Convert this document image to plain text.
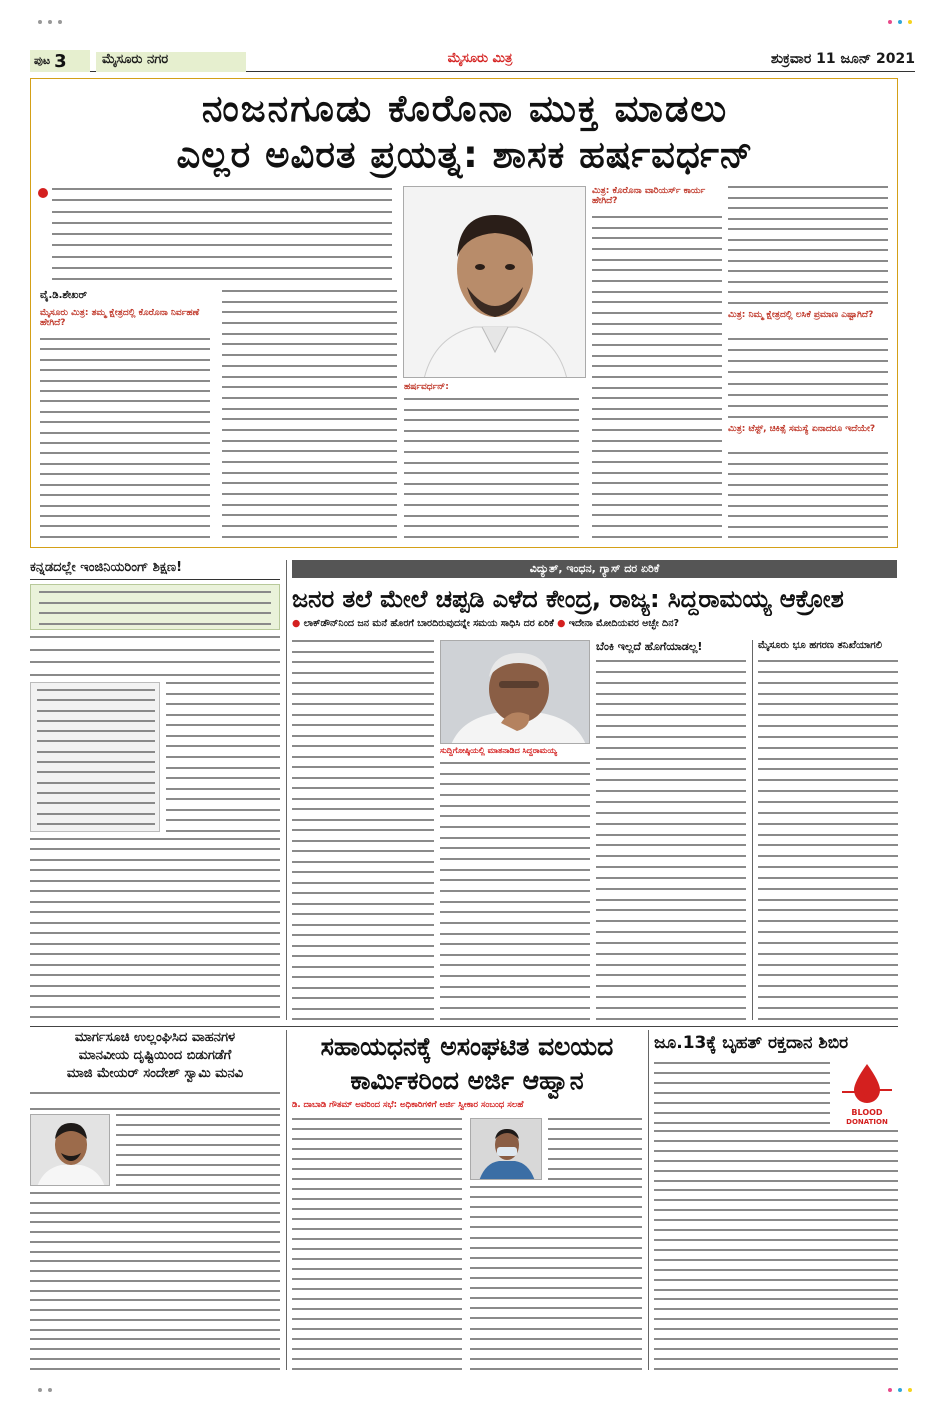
ಪುಟ 3	ಮೈಸೂರು ನಗರ	ಮೈಸೂರು ಮಿತ್ರ	ಶುಕ್ರವಾರ 11 ಜೂನ್ 2021
ನಂಜನಗೂಡು ಕೊರೊನಾ ಮುಕ್ತ ಮಾಡಲು
ಎಲ್ಲರ ಅವಿರತ ಪ್ರಯತ್ನ: ಶಾಸಕ ಹರ್ಷವರ್ಧನ್
ವೈ.ಡಿ.ಶೇಖರ್
ಮೈಸೂರು ಮಿತ್ರ: ತಮ್ಮ ಕ್ಷೇತ್ರದಲ್ಲಿ ಕೊರೊನಾ ನಿರ್ವಹಣೆ ಹೇಗಿದೆ?
ಹರ್ಷವರ್ಧನ್:
ಮಿತ್ರ: ಕೊರೊನಾ ವಾರಿಯರ್ಸ್ ಕಾರ್ಯ ಹೇಗಿದೆ?
ಮಿತ್ರ: ನಿಮ್ಮ ಕ್ಷೇತ್ರದಲ್ಲಿ ಲಸಿಕೆ ಪ್ರಮಾಣ ಎಷ್ಟಾಗಿದೆ?
ಮಿತ್ರ: ಟೆಸ್ಟ್, ಚಿಕಿತ್ಸೆ ಸಮಸ್ಯೆ ಏನಾದರೂ ಇದೆಯೇ?
ಕನ್ನಡದಲ್ಲೇ ಇಂಜಿನಿಯರಿಂಗ್ ಶಿಕ್ಷಣ!	ವಿದ್ಯುತ್, ಇಂಧನ, ಗ್ಯಾಸ್ ದರ ಏರಿಕೆ
ಜನರ ತಲೆ ಮೇಲೆ ಚಪ್ಪಡಿ ಎಳೆದ ಕೇಂದ್ರ, ರಾಜ್ಯ: ಸಿದ್ದರಾಮಯ್ಯ ಆಕ್ರೋಶ
● ಲಾಕ್‌ಡೌನ್‌ನಿಂದ ಜನ ಮನೆ ಹೊರಗೆ ಬಾರದಿರುವುದನ್ನೇ ಸಮಯ ಸಾಧಿಸಿ ದರ ಏರಿಕೆ ● ಇದೇನಾ ಮೋದಿಯವರ ಅಚ್ಛೇ ದಿನ?
ಸುದ್ದಿಗೋಷ್ಠಿಯಲ್ಲಿ ಮಾತನಾಡಿದ ಸಿದ್ದರಾಮಯ್ಯ
ಬೆಂಕಿ ಇಲ್ಲದೆ ಹೊಗೆಯಾಡಲ್ಲ!	ಮೈಸೂರು ಭೂ ಹಗರಣ ತನಿಖೆಯಾಗಲಿ
ಮಾರ್ಗಸೂಚಿ ಉಲ್ಲಂಘಿಸಿದ ವಾಹನಗಳ
ಮಾನವೀಯ ದೃಷ್ಟಿಯಿಂದ ಬಿಡುಗಡೆಗೆ
ಮಾಜಿ ಮೇಯರ್ ಸಂದೇಶ್ ಸ್ವಾಮಿ ಮನವಿ
ಸಹಾಯಧನಕ್ಕೆ ಅಸಂಘಟಿತ ವಲಯದ
ಕಾರ್ಮಿಕರಿಂದ ಅರ್ಜಿ ಆಹ್ವಾನ
ಡಿ. ದಾಬಾಡಿ ಗೌತಮ್ ಅವರಿಂದ ಸಭೆ: ಅಧಿಕಾರಿಗಳಿಗೆ ಅರ್ಜಿ ಸ್ವೀಕಾರ ಸಂಬಂಧ ಸಲಹೆ
ಜೂ.13ಕ್ಕೆ ಬೃಹತ್ ರಕ್ತದಾನ ಶಿಬಿರ
BLOOD
DONATION
